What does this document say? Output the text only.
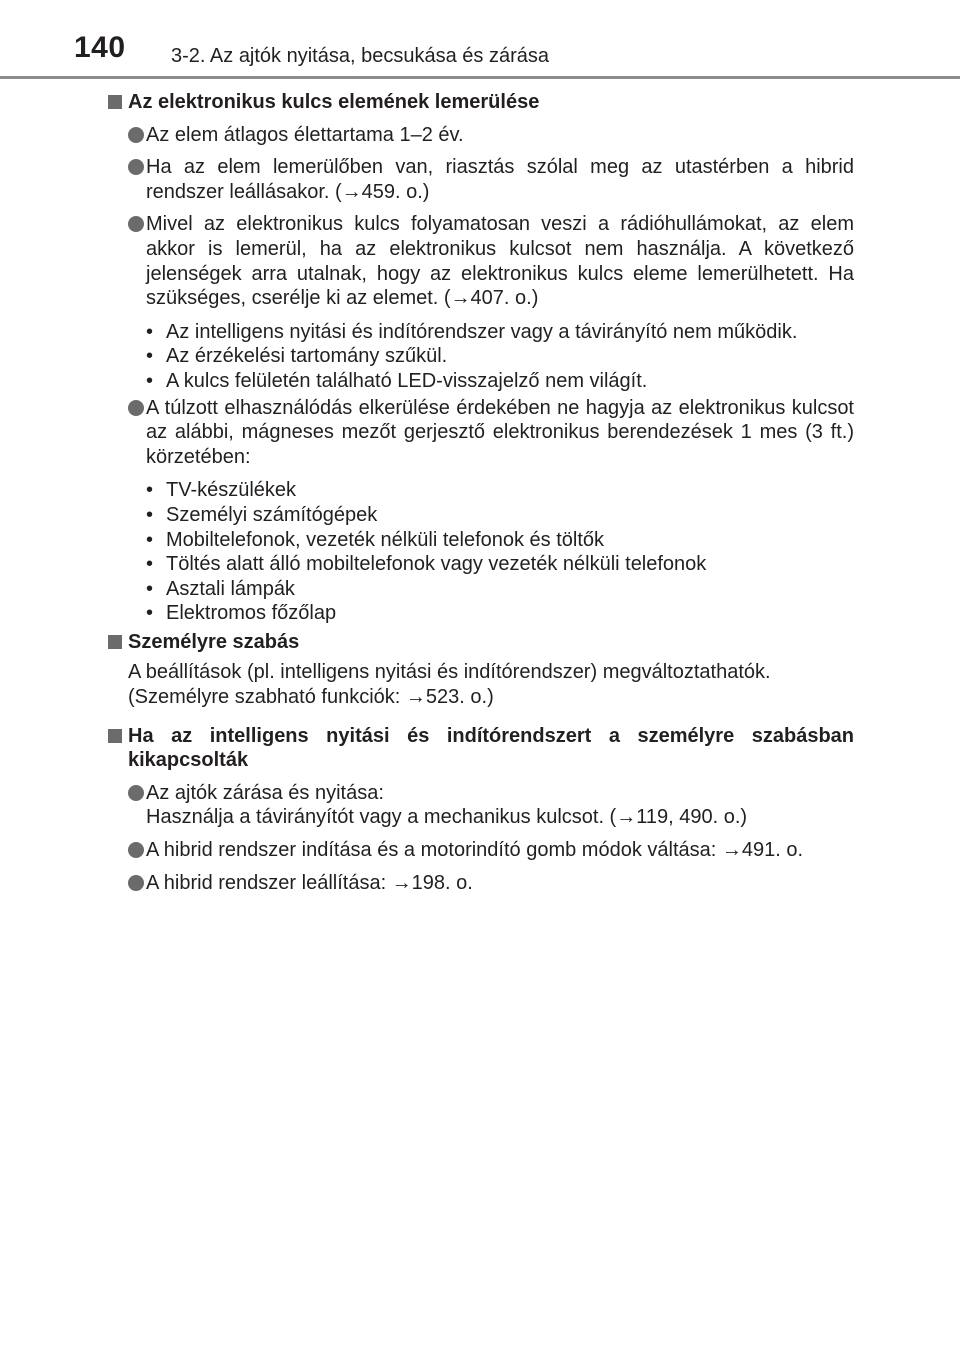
140 3-2. Az ajtók nyitása, becsukása és zárása
Az elektronikus kulcs elemének lemerülése
Az elem átlagos élettartama 1–2 év.
Ha az elem lemerülőben van, riasztás szólal meg az utastérben a hibrid rendszer leállásakor. (→459. o.)
Mivel az elektronikus kulcs folyamatosan veszi a rádióhullámokat, az elem akkor is lemerül, ha az elektronikus kulcsot nem használja. A következő jelenségek arra utalnak, hogy az elektronikus kulcs eleme lemerülhetett. Ha szükséges, cserélje ki az elemet. (→407. o.)
• Az intelligens nyitási és indítórendszer vagy a távirányító nem működik.
• Az érzékelési tartomány szűkül.
• A kulcs felületén található LED-visszajelző nem világít.
A túlzott elhasználódás elkerülése érdekében ne hagyja az elektronikus kulcsot az alábbi, mágneses mezőt gerjesztő elektronikus berendezések 1 mes (3 ft.) körzetében:
• TV-készülékek
• Személyi számítógépek
• Mobiltelefonok, vezeték nélküli telefonok és töltők
• Töltés alatt álló mobiltelefonok vagy vezeték nélküli telefonok
• Asztali lámpák
• Elektromos főzőlap
Személyre szabás
A beállítások (pl. intelligens nyitási és indítórendszer) megváltoztathatók.
(Személyre szabható funkciók: →523. o.)
Ha az intelligens nyitási és indítórendszert a személyre szabásban kikapcsolták
Az ajtók zárása és nyitása:
Használja a távirányítót vagy a mechanikus kulcsot. (→119, 490. o.)
A hibrid rendszer indítása és a motorindító gomb módok váltása: →491. o.
A hibrid rendszer leállítása: →198. o.
